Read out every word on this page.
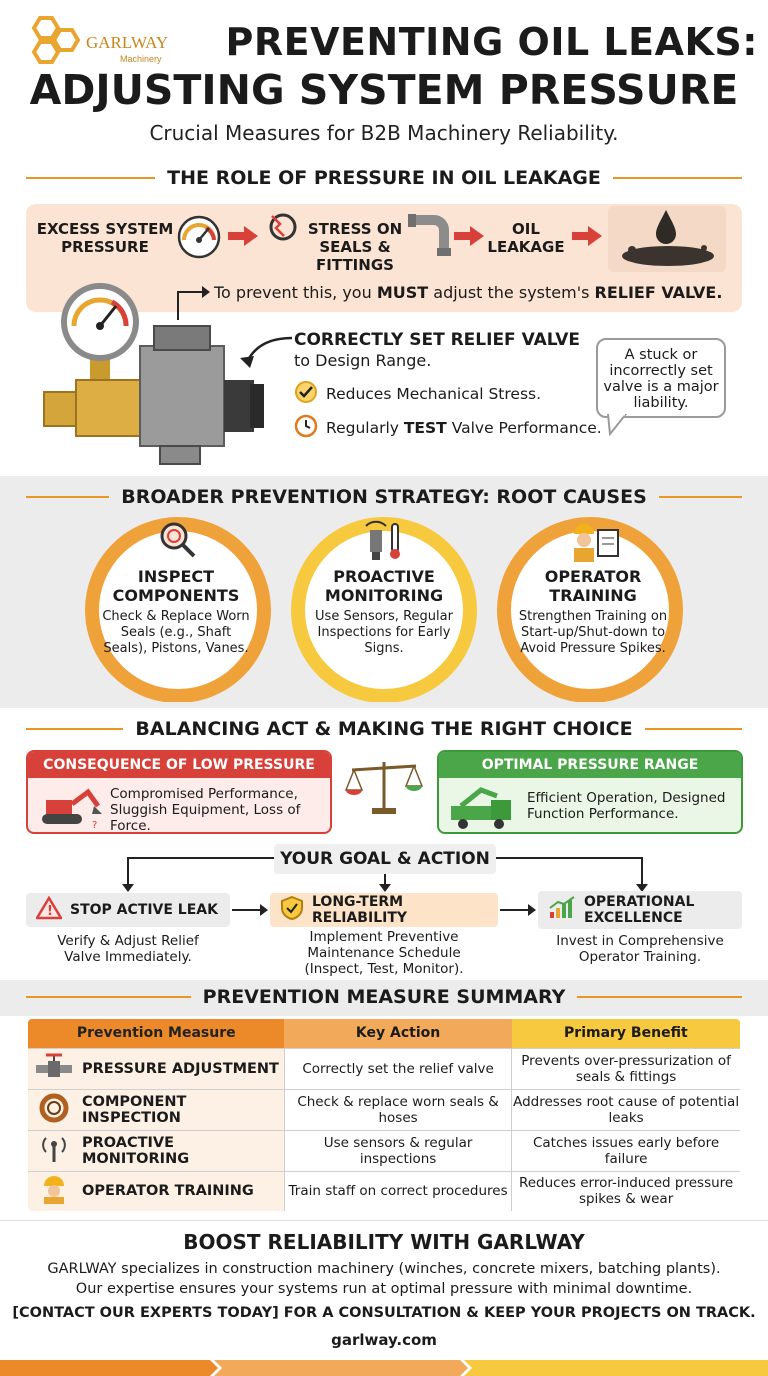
GARLWAY
Machinery	PREVENTING OIL LEAKS:
ADJUSTING SYSTEM PRESSURE
Crucial Measures for B2B Machinery Reliability.
THE ROLE OF PRESSURE IN OIL LEAKAGE
EXCESS SYSTEM PRESSURE
STRESS ON SEALS & FITTINGS
OIL LEAKAGE
To prevent this, you MUST adjust the system's RELIEF VALVE.
CORRECTLY SET RELIEF VALVE
to Design Range.
Reduces Mechanical Stress.
Regularly TEST Valve Performance.
A stuck or incorrectly set valve is a major liability.
BROADER PREVENTION STRATEGY: ROOT CAUSES
INSPECT COMPONENTS
Check & Replace Worn Seals (e.g., Shaft Seals), Pistons, Vanes.
PROACTIVE MONITORING
Use Sensors, Regular Inspections for Early Signs.
OPERATOR TRAINING
Strengthen Training on Start-up/Shut-down to Avoid Pressure Spikes.
BALANCING ACT & MAKING THE RIGHT CHOICE
CONSEQUENCE OF LOW PRESSURE
?
Compromised Performance, Sluggish Equipment, Loss of Force.
OPTIMAL PRESSURE RANGE
Efficient Operation, Designed Function Performance.
YOUR GOAL & ACTION
! STOP ACTIVE LEAK	LONG-TERM RELIABILITY
OPERATIONAL EXCELLENCE
Verify & Adjust Relief Valve Immediately.
Implement Preventive Maintenance Schedule (Inspect, Test, Monitor).
Invest in Comprehensive Operator Training.
PREVENTION MEASURE SUMMARY
Prevention Measure	Key Action	Primary Benefit

PRESSURE ADJUSTMENT	Correctly set the relief valve	Prevents over-pressurization of seals & fittings

COMPONENT INSPECTION	Check & replace worn seals & hoses	Addresses root cause of potential leaks

PROACTIVE MONITORING	Use sensors & regular inspections	Catches issues early before failure

OPERATOR TRAINING	Train staff on correct procedures	Reduces error-induced pressure spikes & wear
BOOST RELIABILITY WITH GARLWAY
GARLWAY specializes in construction machinery (winches, concrete mixers, batching plants).
Our expertise ensures your systems run at optimal pressure with minimal downtime.
[CONTACT OUR EXPERTS TODAY] FOR A CONSULTATION & KEEP YOUR PROJECTS ON TRACK.
garlway.com
